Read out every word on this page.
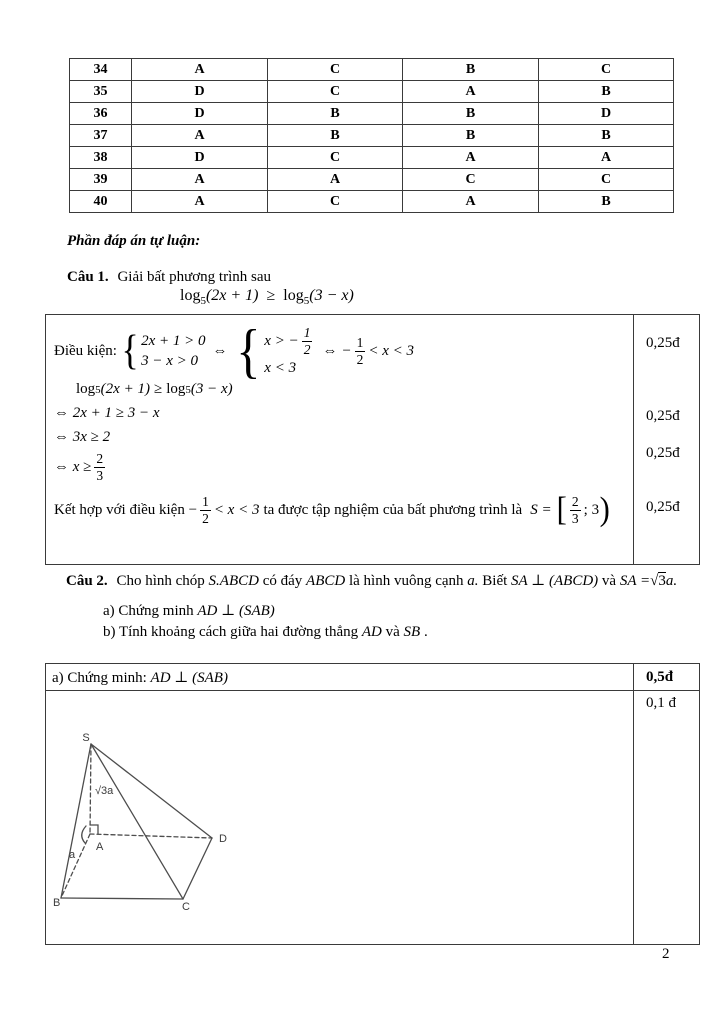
34	A	C	B	C
35	D	C	A	B
36	D	B	B	D
37	A	B	B	B
38	D	C	A	A
39	A	A	C	C
40	A	C	A	B
Phần đáp án tự luận:
Câu 1. Giải bất phương trình sau
$\log_5(2x + 1) \ge \log_5(3 - x)$
Điều kiện: { 2x + 1 > 0
3 − x > 0
⇔ { x > − $\frac{1}{2}$
x < 3
⇔ − $\frac{1}{2} < x < 3$
log 5 (2x + 1) ≥ log 5 (3 − x)
⇔ 2x + 1 ≥ 3 − x
⇔ 3x ≥ 2
⇔ $x \ge \frac{2}{3}$
Kết hợp với điều kiện − $\frac{1}{2} < x < 3$ ta được tập nghiệm của bất phương trình là S = [ $\frac{2}{3}$ ; 3 )
0,25đ
0,25đ
0,25đ
0,25đ
Câu 2. Cho hình chóp S.ABCD có đáy ABCD là hình vuông cạnh a. Biết SA ⊥ (ABCD) và SA =√3a.
a) Chứng minh AD ⊥ (SAB)
b) Tính khoảng cách giữa hai đường thẳng AD và SB .
a) Chứng minh: AD ⊥ (SAB)	0,5đ
0,1 đ
S
A
B	C
D
√3a
a
2
